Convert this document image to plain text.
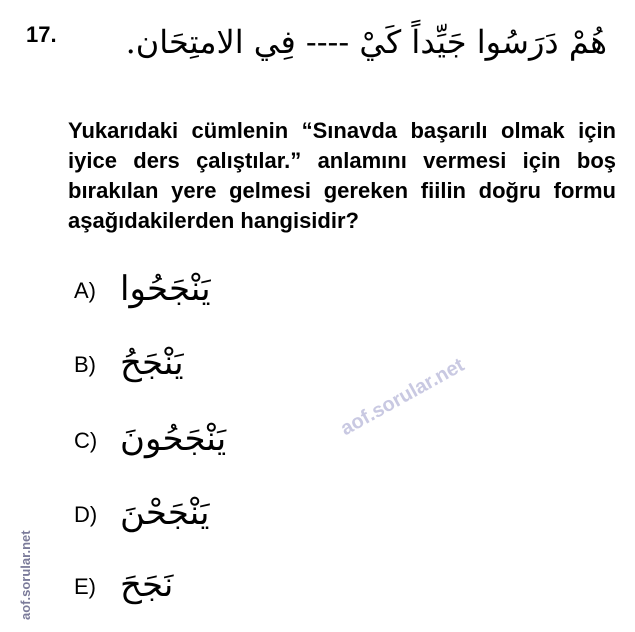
17. هُمْ دَرَسُوا جَيِّداً كَيْ ---- فِي الامتِحَان.
Yukarıdaki cümlenin “Sınavda başarılı olmak için iyice ders çalıştılar.” anlamını vermesi için boş bırakılan yere gelmesi gereken fiilin doğru formu aşağıdakilerden hangisidir?
A) يَنْجَحُوا
B) يَنْجَحُ
C) يَنْجَحُونَ
D) يَنْجَحْنَ
E) نَجَحَ
aof.sorular.net
aof.sorular.net
